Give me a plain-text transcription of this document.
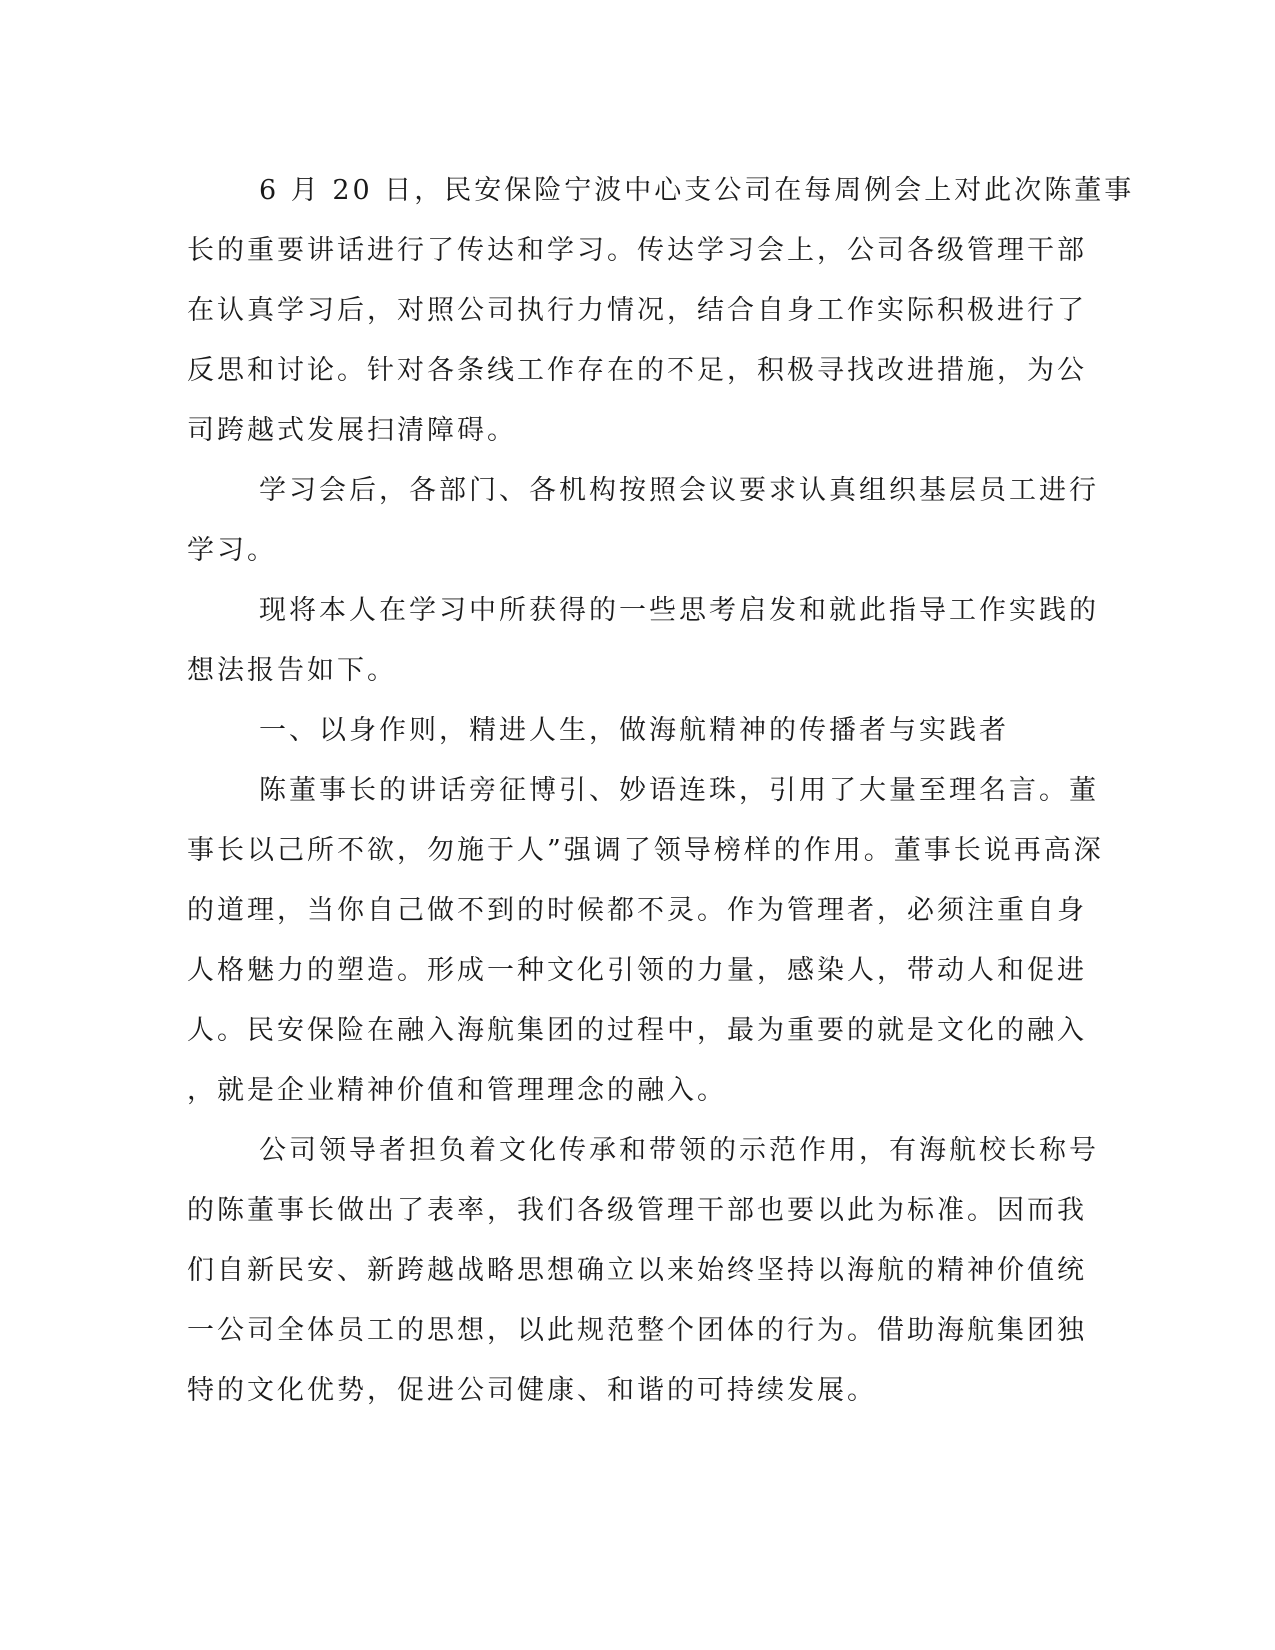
6 月 20 日，民安保险宁波中心支公司在每周例会上对此次陈董事
长的重要讲话进行了传达和学习。传达学习会上，公司各级管理干部
在认真学习后，对照公司执行力情况，结合自身工作实际积极进行了
反思和讨论。针对各条线工作存在的不足，积极寻找改进措施，为公
司跨越式发展扫清障碍。

学习会后，各部门、各机构按照会议要求认真组织基层员工进行
学习。

现将本人在学习中所获得的一些思考启发和就此指导工作实践的
想法报告如下。

一、以身作则，精进人生，做海航精神的传播者与实践者

陈董事长的讲话旁征博引、妙语连珠，引用了大量至理名言。董
事长以己所不欲，勿施于人”强调了领导榜样的作用。董事长说再高深
的道理，当你自己做不到的时候都不灵。作为管理者，必须注重自身
人格魅力的塑造。形成一种文化引领的力量，感染人，带动人和促进
人。民安保险在融入海航集团的过程中，最为重要的就是文化的融入
，就是企业精神价值和管理理念的融入。

公司领导者担负着文化传承和带领的示范作用，有海航校长称号
的陈董事长做出了表率，我们各级管理干部也要以此为标准。因而我
们自新民安、新跨越战略思想确立以来始终坚持以海航的精神价值统
一公司全体员工的思想，以此规范整个团体的行为。借助海航集团独
特的文化优势，促进公司健康、和谐的可持续发展。
